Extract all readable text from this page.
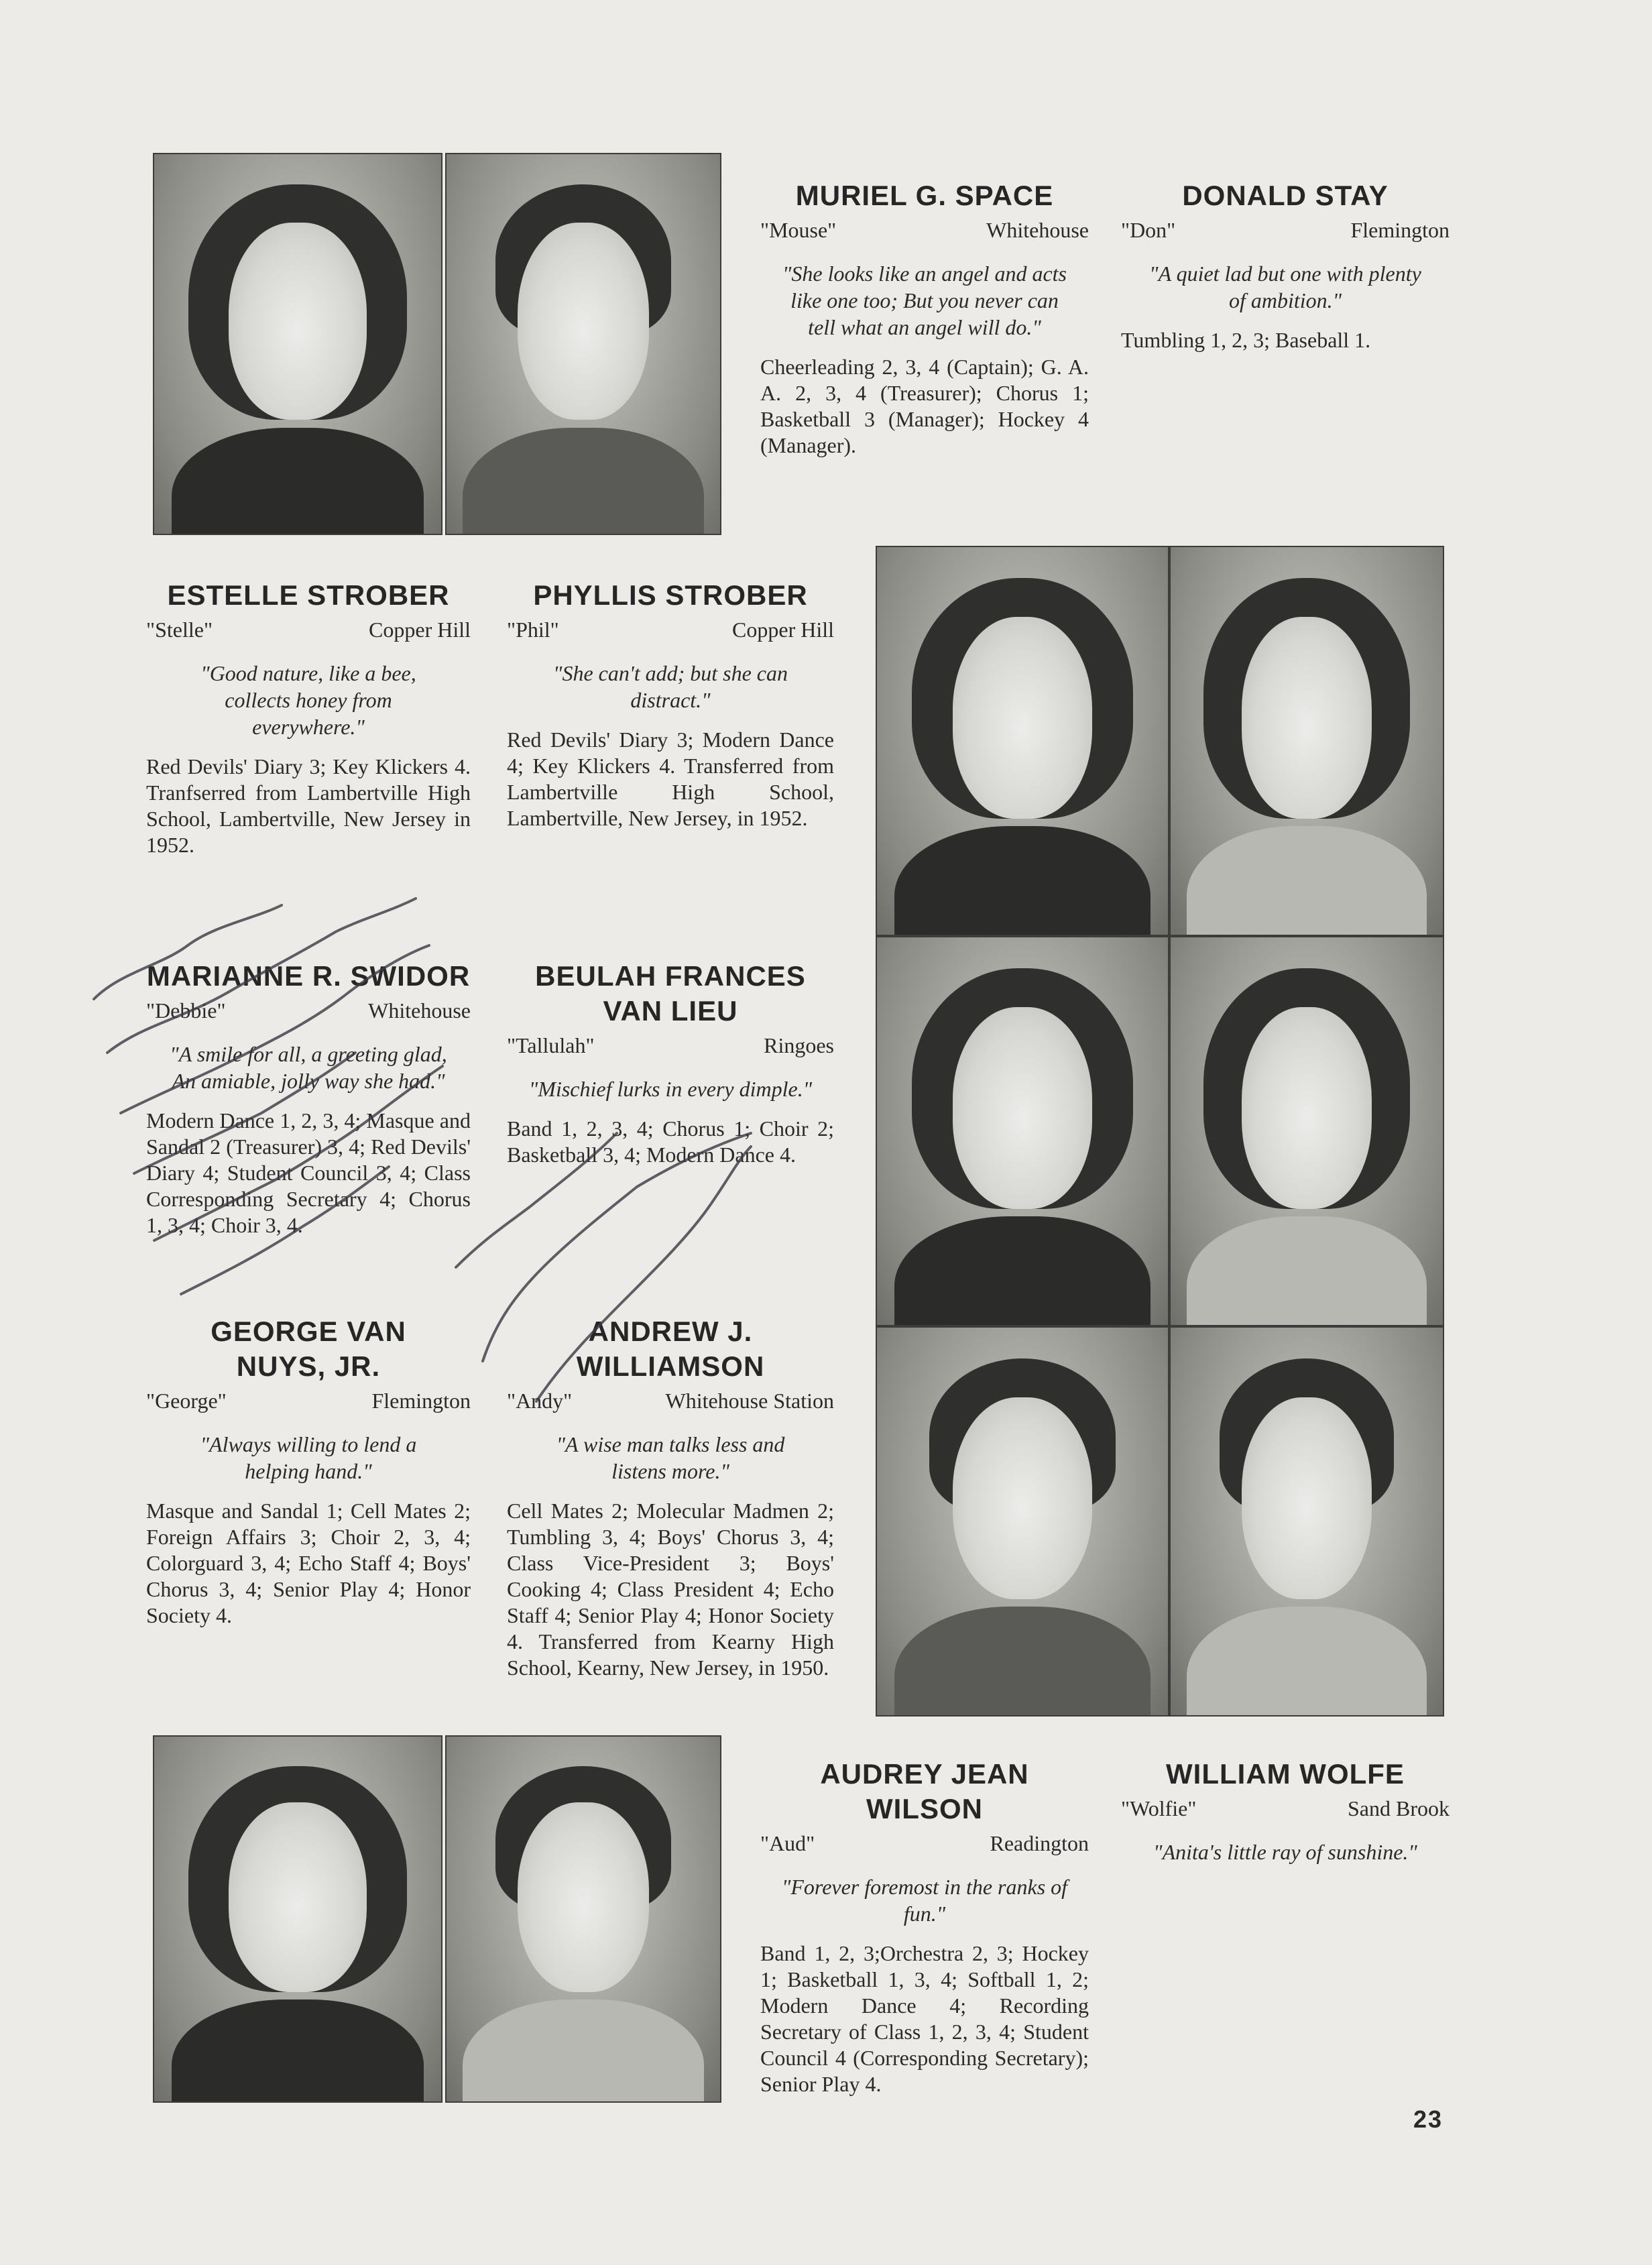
MURIEL G. SPACE
"Mouse"	Whitehouse
"She looks like an angel and acts like one too; But you never can tell what an angel will do."
Cheerleading 2, 3, 4 (Captain); G. A. A. 2, 3, 4 (Treasurer); Chorus 1; Basketball 3 (Manager); Hockey 4 (Manager).
DONALD STAY
"Don"	Flemington
"A quiet lad but one with plenty of ambition."
Tumbling 1, 2, 3; Baseball 1.
ESTELLE STROBER
"Stelle"	Copper Hill
"Good nature, like a bee, collects honey from everywhere."
Red Devils' Diary 3; Key Klickers 4. Tranfserred from Lambertville High School, Lambertville, New Jersey in 1952.
PHYLLIS STROBER
"Phil"	Copper Hill
"She can't add; but she can distract."
Red Devils' Diary 3; Modern Dance 4; Key Klickers 4. Transferred from Lambertville High School, Lambertville, New Jersey, in 1952.
MARIANNE R. SWIDOR
"Debbie"	Whitehouse
"A smile for all, a greeting glad, An amiable, jolly way she had."
Modern Dance 1, 2, 3, 4; Masque and Sandal 2 (Treasurer) 3, 4; Red Devils' Diary 4; Student Council 3, 4; Class Corresponding Secretary 4; Chorus 1, 3, 4; Choir 3, 4.
BEULAH FRANCES VAN LIEU
"Tallulah"	Ringoes
"Mischief lurks in every dimple."
Band 1, 2, 3, 4; Chorus 1; Choir 2; Basketball 3, 4; Modern Dance 4.
GEORGE VAN NUYS, JR.
"George"	Flemington
"Always willing to lend a helping hand."
Masque and Sandal 1; Cell Mates 2; Foreign Affairs 3; Choir 2, 3, 4; Colorguard 3, 4; Echo Staff 4; Boys' Chorus 3, 4; Senior Play 4; Honor Society 4.
ANDREW J. WILLIAMSON
"Andy"	Whitehouse Station
"A wise man talks less and listens more."
Cell Mates 2; Molecular Madmen 2; Tumbling 3, 4; Boys' Chorus 3, 4; Class Vice-President 3; Boys' Cooking 4; Class President 4; Echo Staff 4; Senior Play 4; Honor Society 4. Transferred from Kearny High School, Kearny, New Jersey, in 1950.
AUDREY JEAN WILSON
"Aud"	Readington
"Forever foremost in the ranks of fun."
Band 1, 2, 3;Orchestra 2, 3; Hockey 1; Basketball 1, 3, 4; Softball 1, 2; Modern Dance 4; Recording Secretary of Class 1, 2, 3, 4; Student Council 4 (Corresponding Secretary); Senior Play 4.
WILLIAM WOLFE
"Wolfie"	Sand Brook
"Anita's little ray of sunshine."
23
